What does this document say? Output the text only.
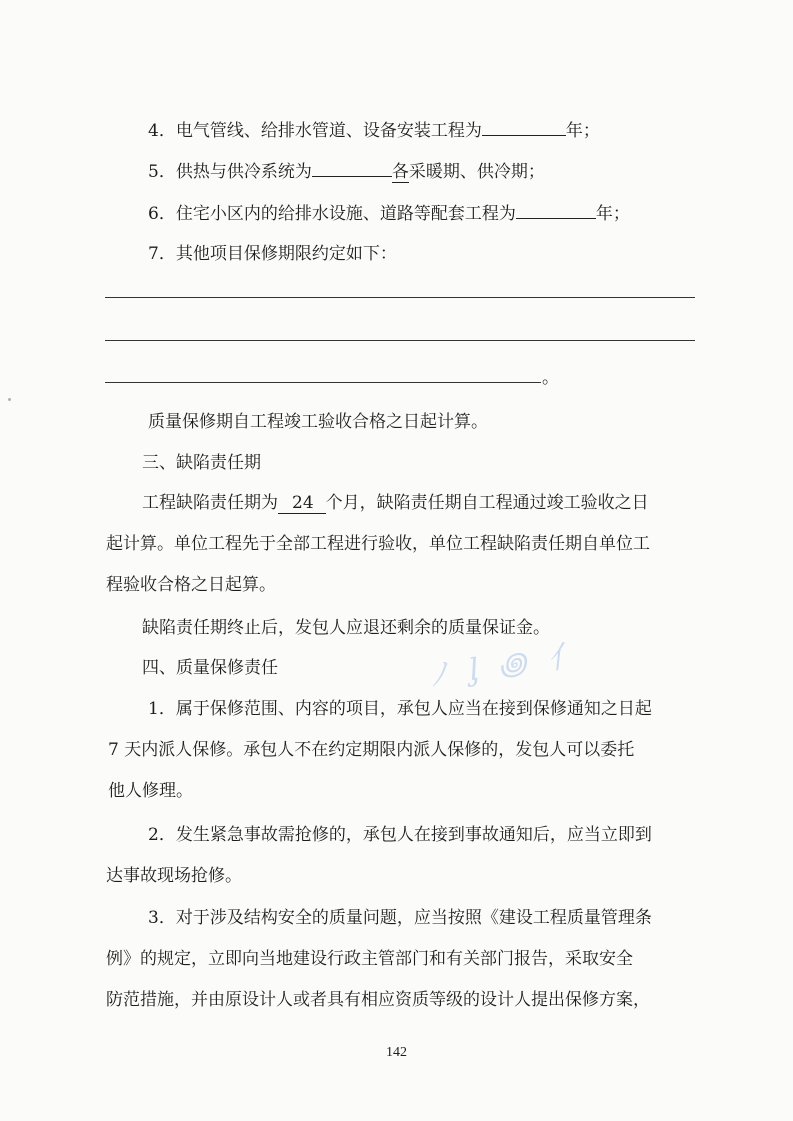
4．电气管线、给排水管道、设备安装工程为	年；
5．供热与供冷系统为	各采暖期、供冷期；
6．住宅小区内的给排水设施、道路等配套工程为	年；
7．其他项目保修期限约定如下：
。
质量保修期自工程竣工验收合格之日起计算。
三、缺陷责任期
工程缺陷责任期为 24 个月，缺陷责任期自工程通过竣工验收之日
起计算。单位工程先于全部工程进行验收，单位工程缺陷责任期自单位工
程验收合格之日起算。
缺陷责任期终止后，发包人应退还剩余的质量保证金。
ﾉ ᶅ ꩜ ⺅
四、质量保修责任
1．属于保修范围、内容的项目，承包人应当在接到保修通知之日起
7 天内派人保修。承包人不在约定期限内派人保修的，发包人可以委托
他人修理。
2．发生紧急事故需抢修的，承包人在接到事故通知后，应当立即到
达事故现场抢修。
3．对于涉及结构安全的质量问题，应当按照《建设工程质量管理条
例》的规定，立即向当地建设行政主管部门和有关部门报告，采取安全
防范措施，并由原设计人或者具有相应资质等级的设计人提出保修方案，
142
